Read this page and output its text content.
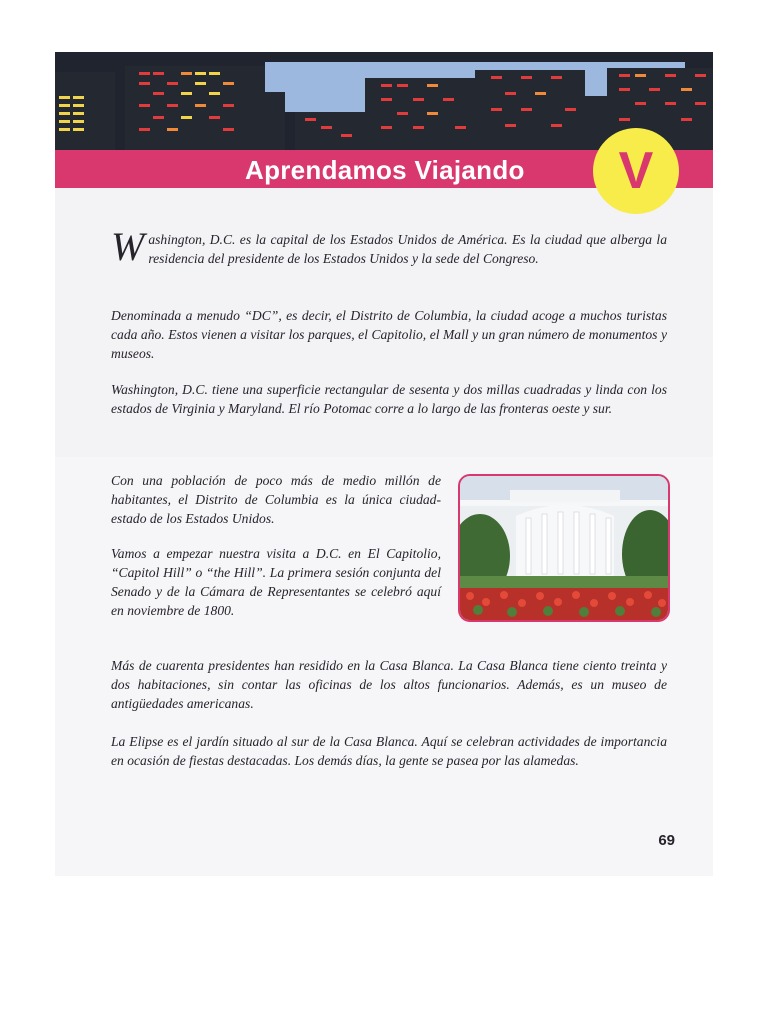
Aprendamos Viajando	V

Washington, D.C. es la capital de los Estados Unidos de América. Es la ciudad que alberga la residencia del presidente de los Estados Unidos y la sede del Congreso.

Denominada a menudo “DC”, es decir, el Distrito de Columbia, la ciudad acoge a muchos turistas cada año. Estos vienen a visitar los parques, el Capitolio, el Mall y un gran número de monumentos y museos.

Washington, D.C. tiene una superficie rectangular de sesenta y dos millas cuadradas y linda con los estados de Virginia y Maryland. El río Potomac corre a lo largo de las fronteras oeste y sur.

Con una población de poco más de medio millón de habitantes, el Distrito de Columbia es la única ciudad-estado de los Estados Unidos.

Vamos a empezar nuestra visita a D.C. en El Capitolio, “Capitol Hill” o “the Hill”. La primera sesión conjunta del Senado y de la Cámara de Representantes se celebró aquí en noviembre de 1800.

Más de cuarenta presidentes han residido en la Casa Blanca. La Casa Blanca tiene ciento treinta y dos habitaciones, sin contar las oficinas de los altos funcionarios. Además, es un museo de antigüedades americanas.

La Elipse es el jardín situado al sur de la Casa Blanca. Aquí se celebran actividades de importancia en ocasión de fiestas destacadas. Los demás días, la gente se pasea por las alamedas.

69
